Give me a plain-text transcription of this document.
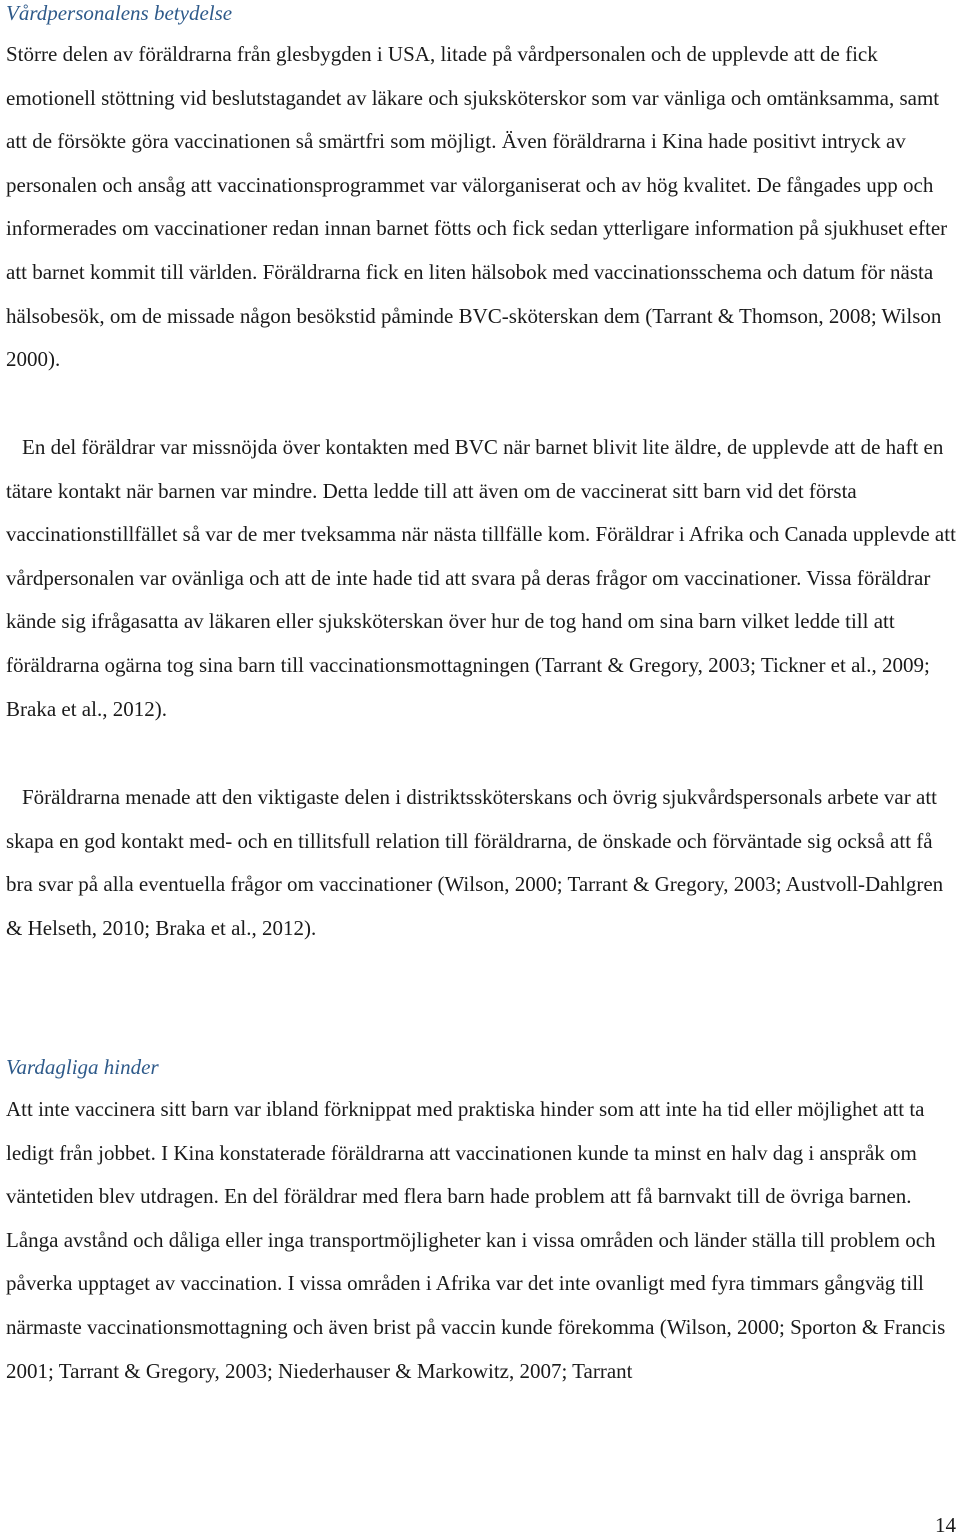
Vårdpersonalens betydelse

Större delen av föräldrarna från glesbygden i USA, litade på vårdpersonalen och de upplevde att de fick emotionell stöttning vid beslutstagandet av läkare och sjuksköterskor som var vänliga och omtänksamma, samt att de försökte göra vaccinationen så smärtfri som möjligt. Även föräldrarna i Kina hade positivt intryck av personalen och ansåg att vaccinationsprogrammet var välorganiserat och av hög kvalitet. De fångades upp och informerades om vaccinationer redan innan barnet fötts och fick sedan ytterligare information på sjukhuset efter att barnet kommit till världen. Föräldrarna fick en liten hälsobok med vaccinationsschema och datum för nästa hälsobesök, om de missade någon besökstid påminde BVC-sköterskan dem (Tarrant & Thomson, 2008; Wilson 2000).

En del föräldrar var missnöjda över kontakten med BVC när barnet blivit lite äldre, de upplevde att de haft en tätare kontakt när barnen var mindre. Detta ledde till att även om de vaccinerat sitt barn vid det första vaccinationstillfället så var de mer tveksamma när nästa tillfälle kom. Föräldrar i Afrika och Canada upplevde att vårdpersonalen var ovänliga och att de inte hade tid att svara på deras frågor om vaccinationer. Vissa föräldrar kände sig ifrågasatta av läkaren eller sjuksköterskan över hur de tog hand om sina barn vilket ledde till att föräldrarna ogärna tog sina barn till vaccinationsmottagningen (Tarrant & Gregory, 2003; Tickner et al., 2009; Braka et al., 2012).

Föräldrarna menade att den viktigaste delen i distriktssköterskans och övrig sjukvårdspersonals arbete var att skapa en god kontakt med- och en tillitsfull relation till föräldrarna, de önskade och förväntade sig också att få bra svar på alla eventuella frågor om vaccinationer (Wilson, 2000; Tarrant & Gregory, 2003; Austvoll-Dahlgren & Helseth, 2010; Braka et al., 2012).

Vardagliga hinder

Att inte vaccinera sitt barn var ibland förknippat med praktiska hinder som att inte ha tid eller möjlighet att ta ledigt från jobbet. I Kina konstaterade föräldrarna att vaccinationen kunde ta minst en halv dag i anspråk om väntetiden blev utdragen. En del föräldrar med flera barn hade problem att få barnvakt till de övriga barnen. Långa avstånd och dåliga eller inga transportmöjligheter kan i vissa områden och länder ställa till problem och påverka upptaget av vaccination. I vissa områden i Afrika var det inte ovanligt med fyra timmars gångväg till närmaste vaccinationsmottagning och även brist på vaccin kunde förekomma (Wilson, 2000; Sporton & Francis 2001; Tarrant & Gregory, 2003; Niederhauser & Markowitz, 2007; Tarrant

14
